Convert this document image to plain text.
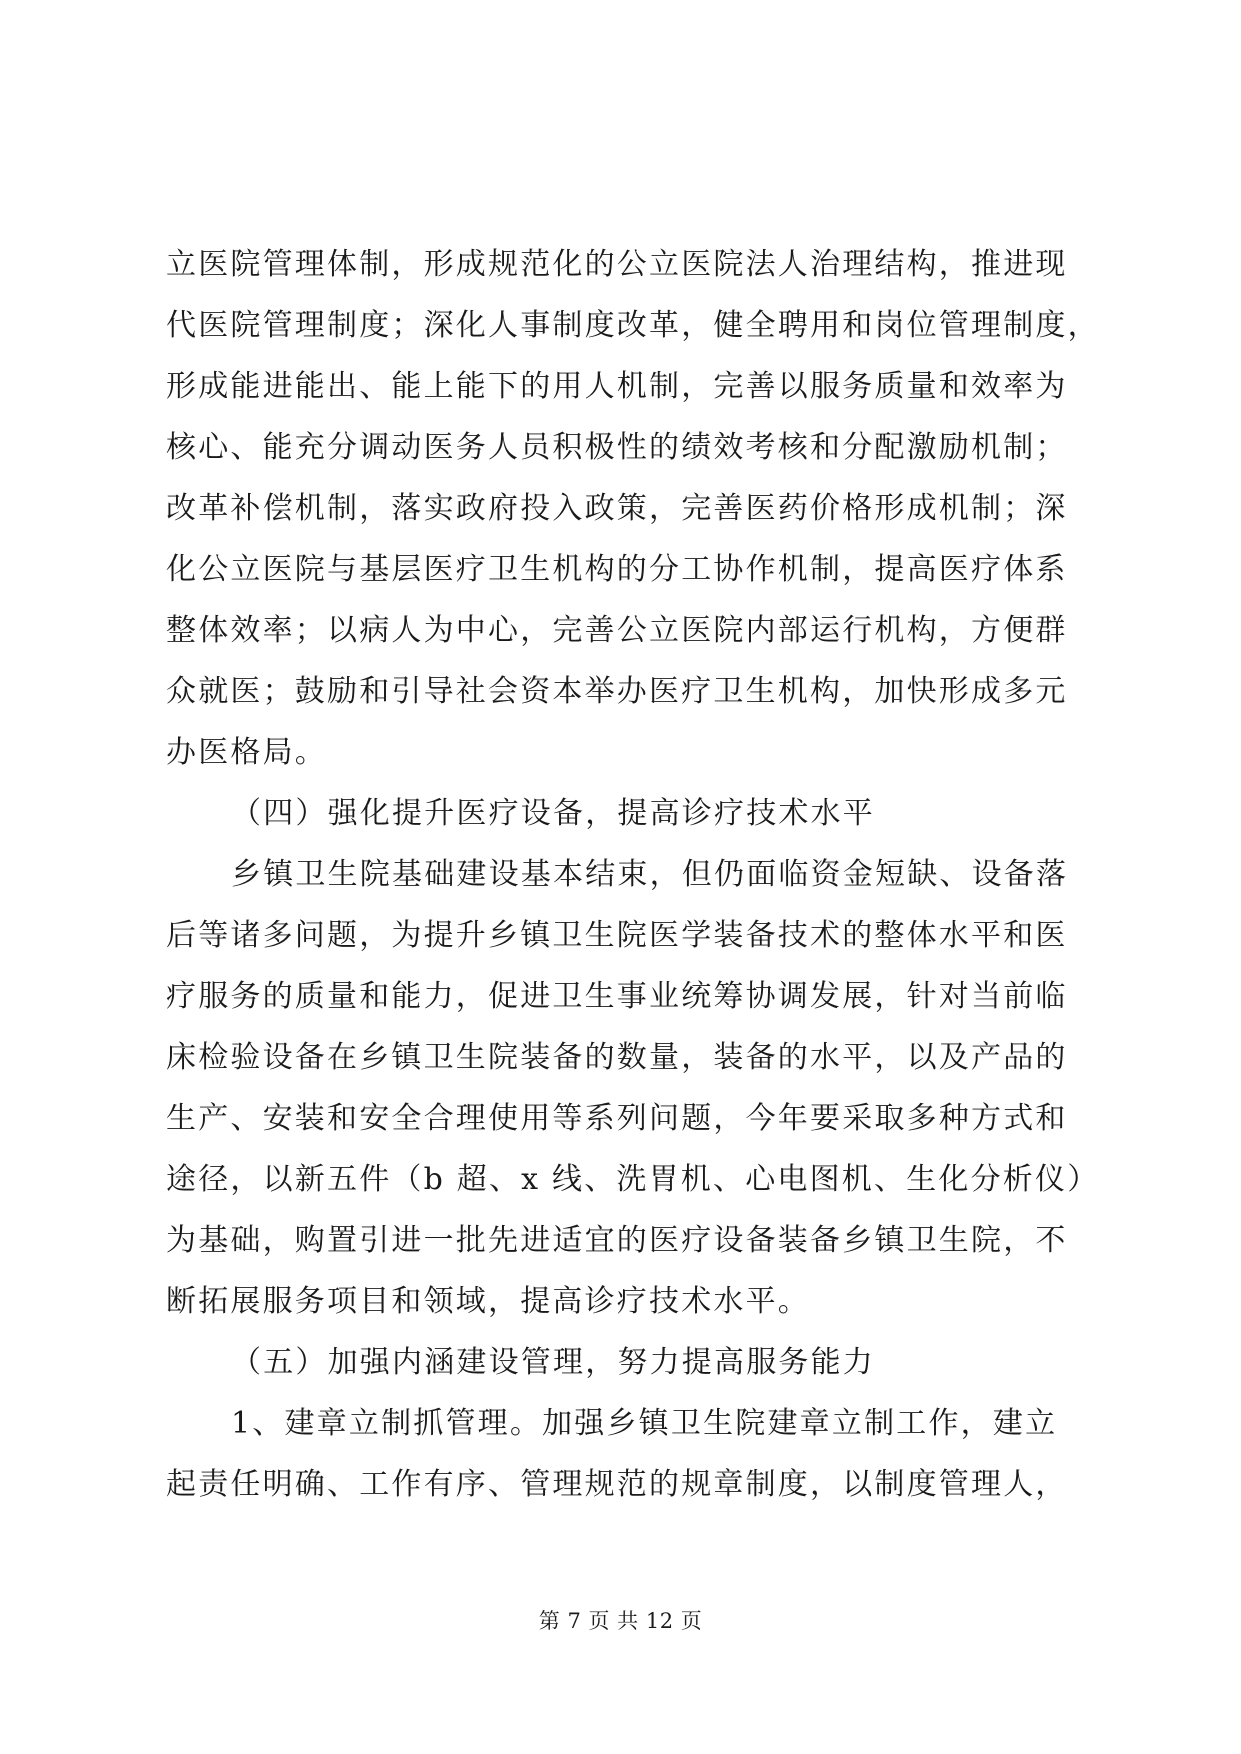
立医院管理体制，形成规范化的公立医院法人治理结构，推进现
代医院管理制度；深化人事制度改革，健全聘用和岗位管理制度，
形成能进能出、能上能下的用人机制，完善以服务质量和效率为
核心、能充分调动医务人员积极性的绩效考核和分配激励机制；
改革补偿机制，落实政府投入政策，完善医药价格形成机制；深
化公立医院与基层医疗卫生机构的分工协作机制，提高医疗体系
整体效率；以病人为中心，完善公立医院内部运行机构，方便群
众就医；鼓励和引导社会资本举办医疗卫生机构，加快形成多元
办医格局。
（四）强化提升医疗设备，提高诊疗技术水平
乡镇卫生院基础建设基本结束，但仍面临资金短缺、设备落
后等诸多问题，为提升乡镇卫生院医学装备技术的整体水平和医
疗服务的质量和能力，促进卫生事业统筹协调发展，针对当前临
床检验设备在乡镇卫生院装备的数量，装备的水平，以及产品的
生产、安装和安全合理使用等系列问题，今年要采取多种方式和
途径，以新五件（b 超、x 线、洗胃机、心电图机、生化分析仪）
为基础，购置引进一批先进适宜的医疗设备装备乡镇卫生院，不
断拓展服务项目和领域，提高诊疗技术水平。
（五）加强内涵建设管理，努力提高服务能力
1、建章立制抓管理。加强乡镇卫生院建章立制工作，建立
起责任明确、工作有序、管理规范的规章制度，以制度管理人，
第 7 页 共 12 页
